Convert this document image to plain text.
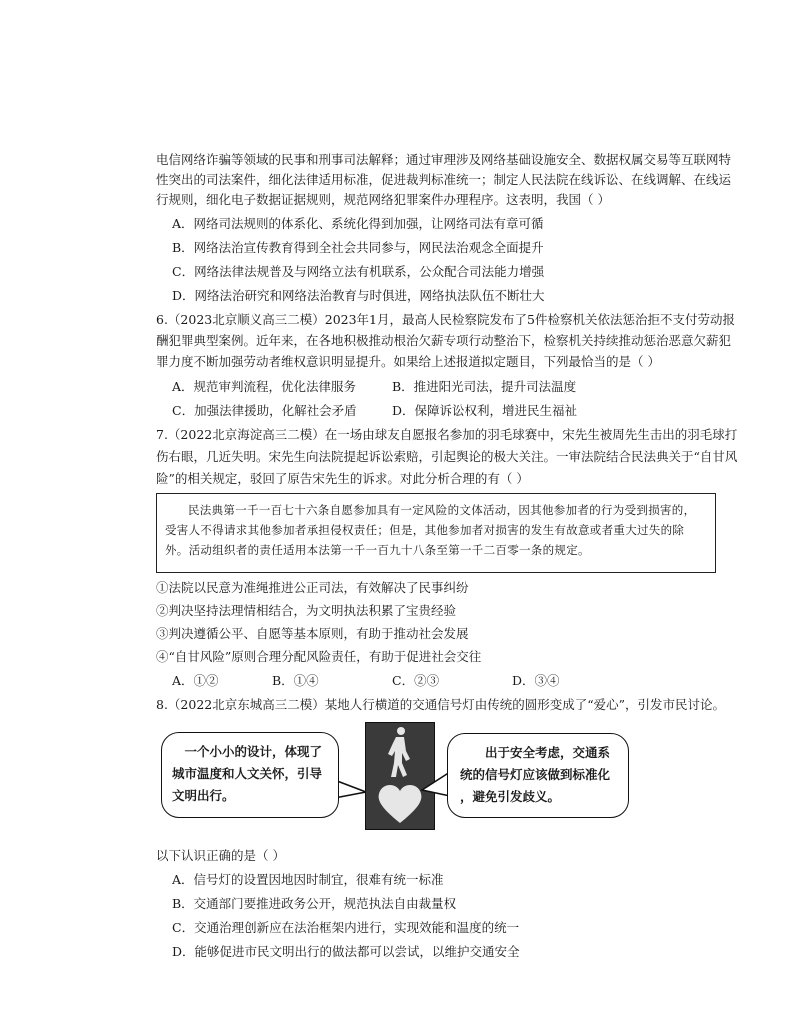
电信网络诈骗等领域的民事和刑事司法解释；通过审理涉及网络基础设施安全、数据权属交易等互联网特
性突出的司法案件，细化法律适用标准，促进裁判标准统一；制定人民法院在线诉讼、在线调解、在线运
行规则，细化电子数据证据规则，规范网络犯罪案件办理程序。这表明，我国（ ）
A．网络司法规则的体系化、系统化得到加强，让网络司法有章可循
B．网络法治宣传教育得到全社会共同参与，网民法治观念全面提升
C．网络法律法规普及与网络立法有机联系，公众配合司法能力增强
D．网络法治研究和网络法治教育与时俱进，网络执法队伍不断壮大
6.（2023北京顺义高三二模）2023年1月，最高人民检察院发布了5件检察机关依法惩治拒不支付劳动报
酬犯罪典型案例。近年来，在各地积极推动根治欠薪专项行动整治下，检察机关持续推动惩治恶意欠薪犯
罪力度不断加强劳动者维权意识明显提升。如果给上述报道拟定题目，下列最恰当的是（ ）
A．规范审判流程，优化法律服务	B．推进阳光司法，提升司法温度
C．加强法律援助，化解社会矛盾	D．保障诉讼权利，增进民生福祉
7.（2022北京海淀高三二模）在一场由球友自愿报名参加的羽毛球赛中，宋先生被周先生击出的羽毛球打
伤右眼，几近失明。宋先生向法院提起诉讼索赔，引起舆论的极大关注。一审法院结合民法典关于“自甘风
险”的相关规定，驳回了原告宋先生的诉求。对此分析合理的有（ ）
民法典第一千一百七十六条自愿参加具有一定风险的文体活动，因其他参加者的行为受到损害的，受害人不得请求其他参加者承担侵权责任；但是，其他参加者对损害的发生有故意或者重大过失的除外。活动组织者的责任适用本法第一千一百九十八条至第一千二百零一条的规定。
①法院以民意为准绳推进公正司法，有效解决了民事纠纷
②判决坚持法理情相结合，为文明执法积累了宝贵经验
③判决遵循公平、自愿等基本原则，有助于推动社会发展
④“自甘风险”原则合理分配风险责任，有助于促进社会交往
A．①②	B．①④	C．②③	D．③④
8.（2022北京东城高三二模）某地人行横道的交通信号灯由传统的圆形变成了“爱心”，引发市民讨论。
一个小小的设计，体现了
城市温度和人文关怀，引导
文明出行。
出于安全考虑，交通系
统的信号灯应该做到标准化
，避免引发歧义。
以下认识正确的是（ ）
A．信号灯的设置因地因时制宜，很难有统一标准
B．交通部门要推进政务公开，规范执法自由裁量权
C．交通治理创新应在法治框架内进行，实现效能和温度的统一
D．能够促进市民文明出行的做法都可以尝试，以维护交通安全
